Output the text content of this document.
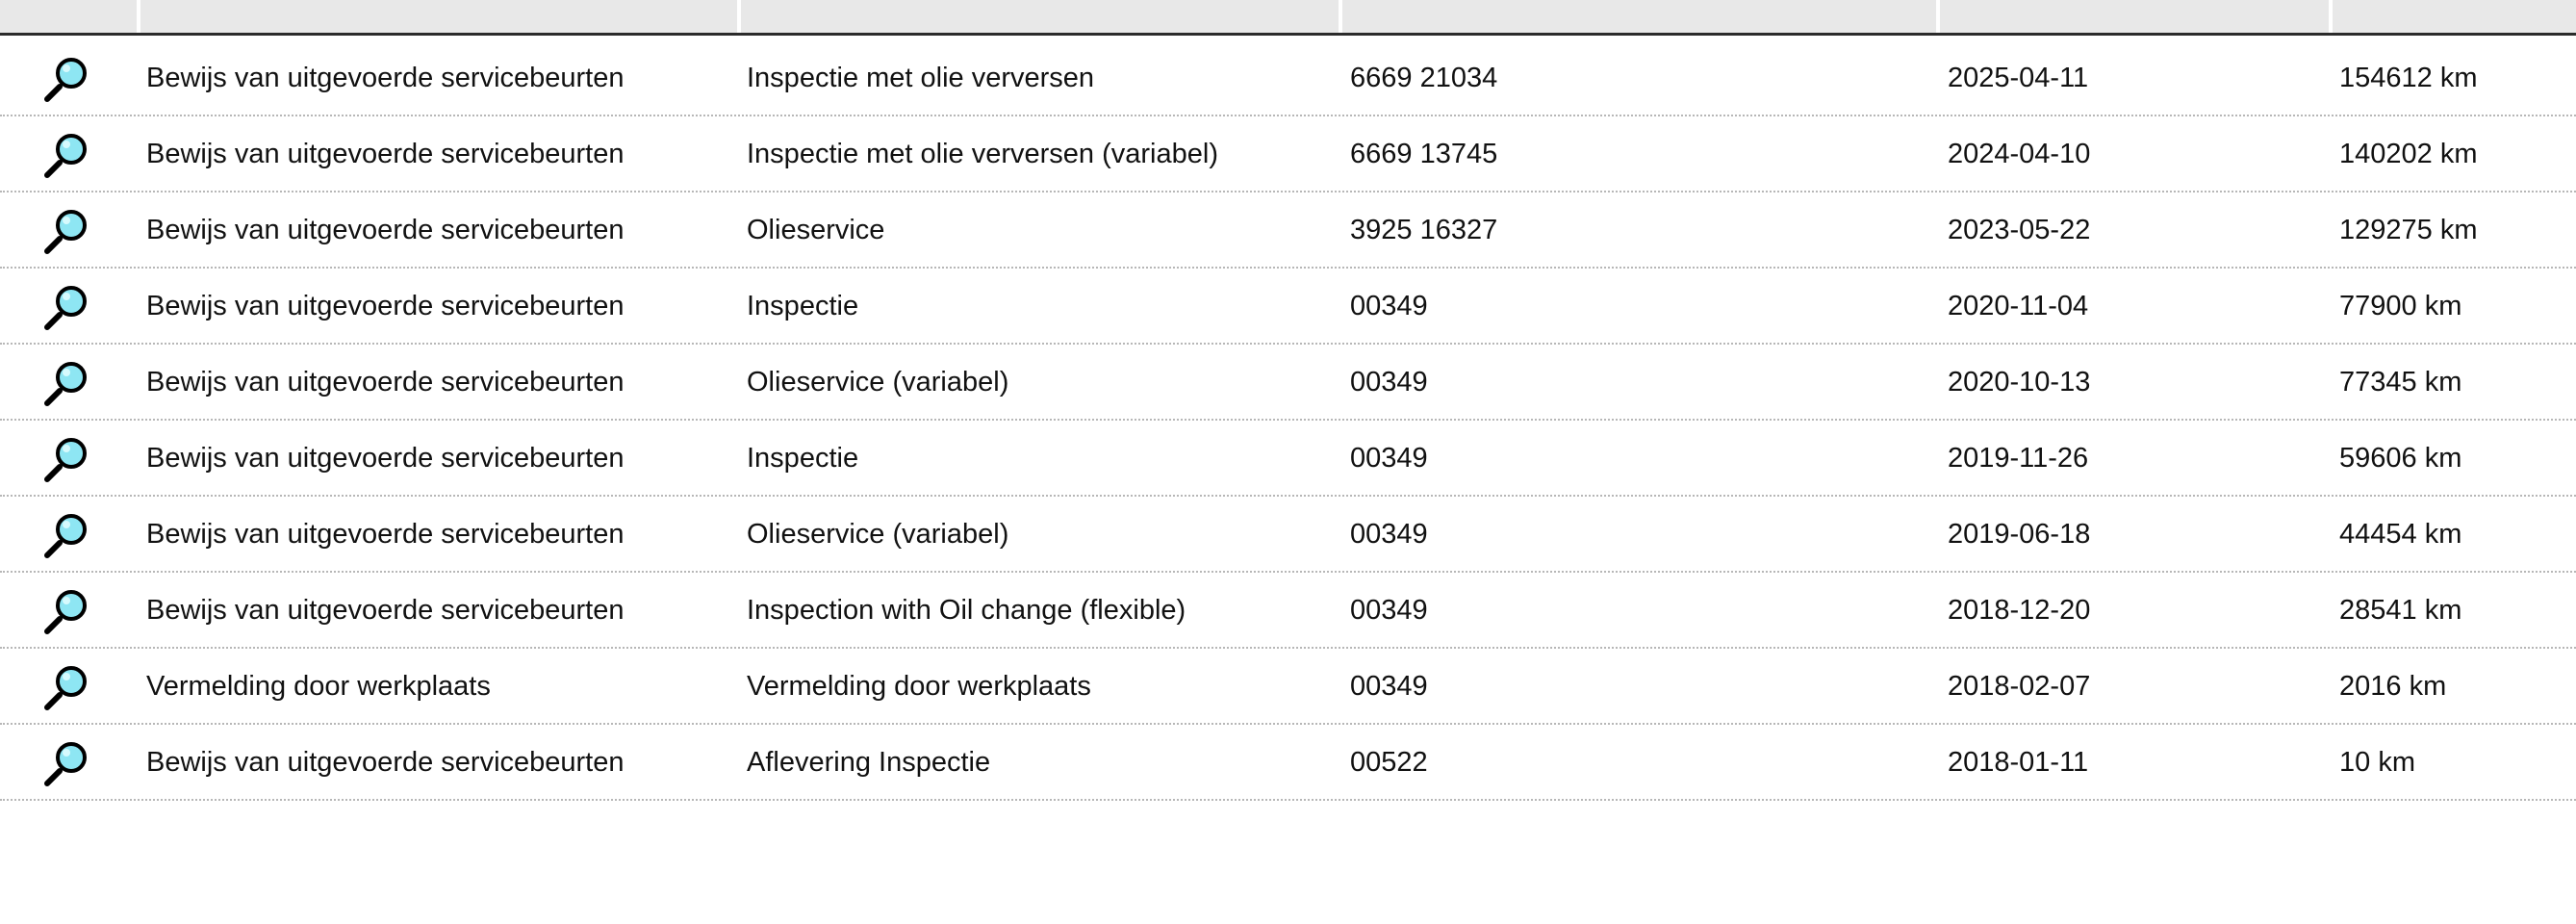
Bewijs van uitgevoerde servicebeurten	Inspectie met olie verversen	6669 21034	2025-04-11	154612 km
Bewijs van uitgevoerde servicebeurten	Inspectie met olie verversen (variabel)	6669 13745	2024-04-10	140202 km
Bewijs van uitgevoerde servicebeurten	Olieservice	3925 16327	2023-05-22	129275 km
Bewijs van uitgevoerde servicebeurten	Inspectie	00349	2020-11-04	77900 km
Bewijs van uitgevoerde servicebeurten	Olieservice (variabel)	00349	2020-10-13	77345 km
Bewijs van uitgevoerde servicebeurten	Inspectie	00349	2019-11-26	59606 km
Bewijs van uitgevoerde servicebeurten	Olieservice (variabel)	00349	2019-06-18	44454 km
Bewijs van uitgevoerde servicebeurten	Inspection with Oil change (flexible)	00349	2018-12-20	28541 km
Vermelding door werkplaats	Vermelding door werkplaats	00349	2018-02-07	2016 km
Bewijs van uitgevoerde servicebeurten	Aflevering Inspectie	00522	2018-01-11	10 km
